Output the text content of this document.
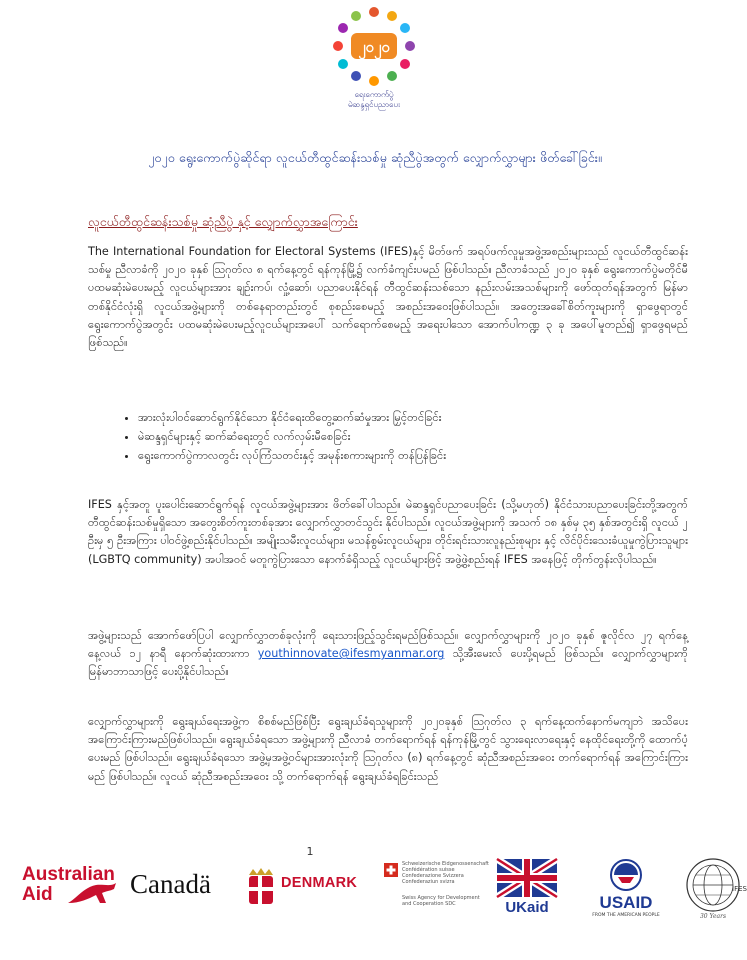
၂၀၂၀
ရေးကောက်ပွဲ
မဲဆန္ဒရှင်ပညာပေး
၂၀၂၀ ရွေးကောက်ပွဲဆိုင်ရာ လူငယ်တီထွင်ဆန်းသစ်မှု ဆုံညီပွဲအတွက် လျှောက်လွှာများ ဖိတ်ခေါ်ခြင်း။
လူငယ်တီထွင်ဆန်းသစ်မှု ဆုံညီပွဲ နှင့် လျှောက်လွှာအကြောင်း
The International Foundation for Electoral Systems (IFES)နှင့် မိတ်ဖက် အရပ်ဖက်လူမှုအဖွဲ့အစည်းများသည် လူငယ်တီထွင်ဆန်းသစ်မှု ညီလာခံကို ၂၀၂၀ ခုနှစ် ဩဂုတ်လ ၈ ရက်နေ့တွင် ရန်ကုန်မြို့၌ လက်ခံကျင်းပမည် ဖြစ်ပါသည်။ ညီလာခံသည် ၂၀၂၀ ခုနှစ် ရွေးကောက်ပွဲမတိုင်မီ ပထမဆုံးမဲပေးမည့် လူငယ်များအား ချဉ်းကပ်၊ လှုံ့ဆော်၊ ပညာပေးနိုင်ရန် တီထွင်ဆန်းသစ်သော နည်းလမ်းအသစ်များကို ဖော်ထုတ်ရန်အတွက် မြန်မာတစ်နိုင်ငံလုံးရှိ လူငယ်အဖွဲ့များကို တစ်နေရာတည်းတွင် စုစည်းစေမည့် အစည်းအဝေးဖြစ်ပါသည်။ အတွေးအခေါ်စိတ်ကူးများကို ရှာဖွေရာတွင် ရွေးကောက်ပွဲအတွင်း ပထမဆုံးမဲပေးမည့်လူငယ်များအပေါ် သက်ရောက်စေမည့် အရေးပါသော အောက်ပါကဏ္ဍ ၃ ခု အပေါ်မူတည်၍ ရှာဖွေရမည် ဖြစ်သည်။
• အားလုံးပါဝင်ဆောင်ရွက်နိုင်သော နိုင်ငံရေးထိတွေ့ဆက်ဆံမှုအား မြှင့်တင်ခြင်း
• မဲဆန္ဒရှင်များနှင့် ဆက်ဆံရေးတွင် လက်လှမ်းမီစေခြင်း
• ရွေးကောက်ပွဲကာလတွင်း လုပ်ကြံသတင်းနှင့် အမုန်းစကားများကို တန်ပြန်ခြင်း
IFES နှင့်အတူ ပူးပေါင်းဆောင်ရွက်ရန် လူငယ်အဖွဲ့များအား ဖိတ်ခေါ်ပါသည်။ မဲဆန္ဒရှင်ပညာပေးခြင်း (သို့မဟုတ်) နိုင်ငံသားပညာပေးခြင်းတို့အတွက် တီထွင်ဆန်းသစ်မှုရှိသော အတွေးစိတ်ကူးတစ်ခုအား လျှောက်လွှာတင်သွင်း နိုင်ပါသည်။ လူငယ်အဖွဲ့များကို အသက် ၁၈ နှစ်မှ ၃၅ နှစ်အတွင်းရှိ လူငယ် ၂ ဦးမှ ၅ ဦးအကြား ပါဝင်ဖွဲ့စည်းနိုင်ပါသည်။ အမျိုးသမီးလူငယ်များ၊ မသန်စွမ်းလူငယ်များ၊ တိုင်းရင်းသားလူနည်းစုများ နှင့် လိင်ပိုင်းသေးခံယူမှုကွဲပြားသူများ (LGBTQ community) အပါအဝင် မတူကွဲပြားသော နောက်ခံရှိသည့် လူငယ်များဖြင့် အဖွဲ့ဖွဲ့စည်းရန် IFES အနေဖြင့် တိုက်တွန်းလိုပါသည်။
အဖွဲ့များသည် အောက်ဖော်ပြပါ လျှောက်လွှာတစ်ခုလုံးကို ရေးသားဖြည့်သွင်းရမည်ဖြစ်သည်။ လျှောက်လွှာများကို ၂၀၂၀ ခုနှစ် ဇူလိုင်လ ၂၇ ရက်နေ့ နေ့လယ် ၁၂ နာရီ နောက်ဆုံးထားကာ youthinnovate@ifesmyanmar.org သို့အီးမေးလ် ပေးပို့ရမည် ဖြစ်သည်။ လျှောက်လွှာများကို မြန်မာဘာသာဖြင့် ပေးပို့နိုင်ပါသည်။
လျှောက်လွှာများကို ရွေးချယ်ရေးအဖွဲ့က စိစစ်မည်ဖြစ်ပြီး ရွေးချယ်ခံရသူများကို ၂၀၂၀ခုနှစ် ဩဂုတ်လ ၃ ရက်နေ့ထက်နောက်မကျဘဲ အသိပေးအကြောင်းကြားမည်ဖြစ်ပါသည်။ ရွေးချယ်ခံရသော အဖွဲ့များကို ညီလာခံ တက်ရောက်ရန် ရန်ကုန်မြို့တွင် သွားရေးလာရေးနှင့် နေထိုင်ရေးတို့ကို ထောက်ပံ့ပေးမည် ဖြစ်ပါသည်။ ရွေးချယ်ခံရသော အဖွဲ့မှအဖွဲ့ဝင်များအားလုံးကို ဩဂုတ်လ (၈) ရက်နေ့တွင် ဆုံညီအစည်းအဝေး တက်ရောက်ရန် အကြောင်းကြားမည် ဖြစ်ပါသည်။ လူငယ် ဆုံညီအစည်းအဝေး သို့ တက်ရောက်ရန် ရွေးချယ်ခံရခြင်းသည်
1
Australian
Aid	Canadä	DENMARK
Schweizerische Eidgenossenschaft
Confédération suisse
Confederazione Svizzera
Confederaziun svizra
Swiss Agency for Development
and Cooperation SDC	UKaid	USAID
FROM THE AMERICAN PEOPLE
IFES
30 Years
